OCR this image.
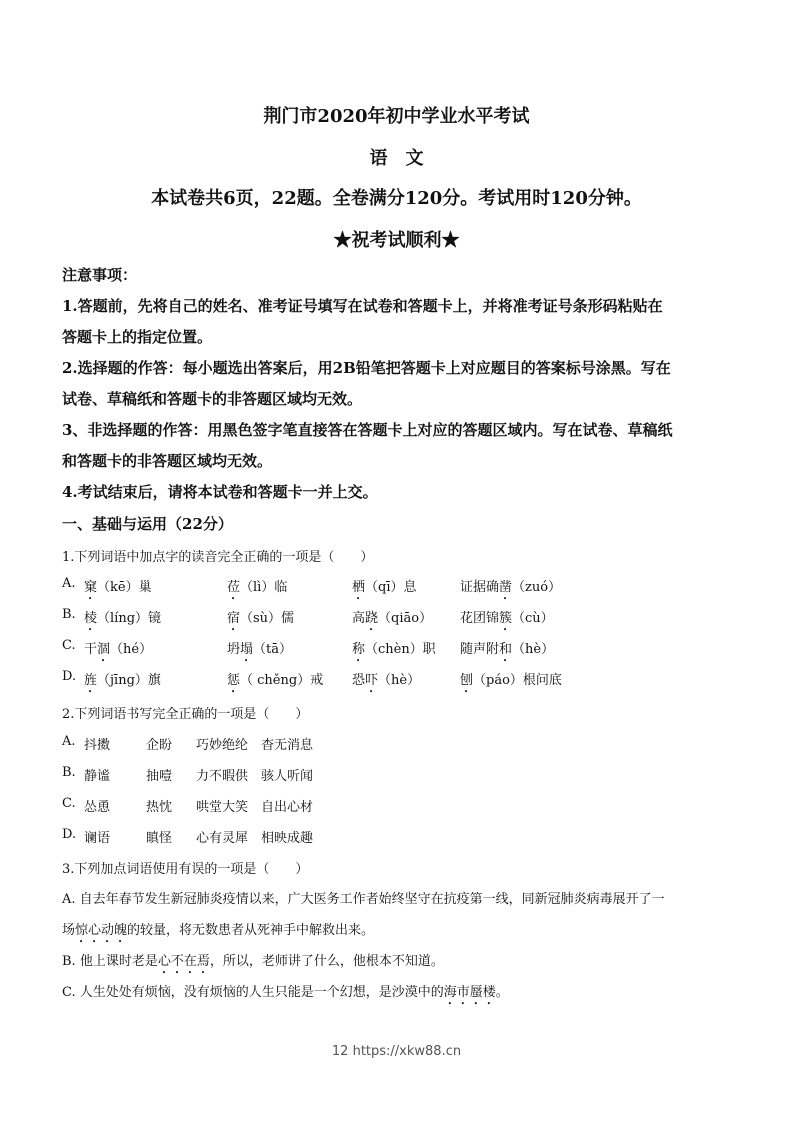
荆门市2020年初中学业水平考试
语　文
本试卷共6页，22题。全卷满分120分。考试用时120分钟。
★祝考试顺利★
注意事项：
1.答题前，先将自己的姓名、准考证号填写在试卷和答题卡上，并将准考证号条形码粘贴在
答题卡上的指定位置。
2.选择题的作答：每小题选出答案后，用2B铅笔把答题卡上对应题目的答案标号涂黑。写在
试卷、草稿纸和答题卡的非答题区域均无效。
3、非选择题的作答：用黑色签字笔直接答在答题卡上对应的答题区域内。写在试卷、草稿纸
和答题卡的非答题区域均无效。
4.考试结束后，请将本试卷和答题卡一并上交。
一、基础与运用（22分）
1.下列词语中加点字的读音完全正确的一项是（　　）
2.下列词语书写完全正确的一项是（　　）
3.下列加点词语使用有误的一项是（　　）
A. 自去年春节发生新冠肺炎疫情以来，广大医务工作者始终坚守在抗疫第一线，同新冠肺炎病毒展开了一
场惊心动魄的较量，将无数患者从死神手中解救出来。
B. 他上课时老是心不在焉，所以，老师讲了什么，他根本不知道。
C. 人生处处有烦恼，没有烦恼的人生只能是一个幻想，是沙漠中的海市蜃楼。
12 https://xkw88.cn
A. 窠（kē）巢	莅（lì）临	栖（qī）息	证据确凿（zuó）
B. 棱（líng）镜	宿（sù）儒	高跷（qiāo） 花团锦簇（cù）
C. 干涸（hé）	坍塌（tā）	称（chèn）职 随声附和（hè）
D. 旌（jīng）旗	惩（ chěng）戒 恐吓（hè）	刨（páo）根问底
A. 抖擞	企盼 巧妙绝纶 杳无消息
B. 静谧	抽噎 力不暇供 骇人听闻
C. 怂恿	热忱 哄堂大笑 自出心材
D. 谰语	瞋怪 心有灵犀 相映成趣
